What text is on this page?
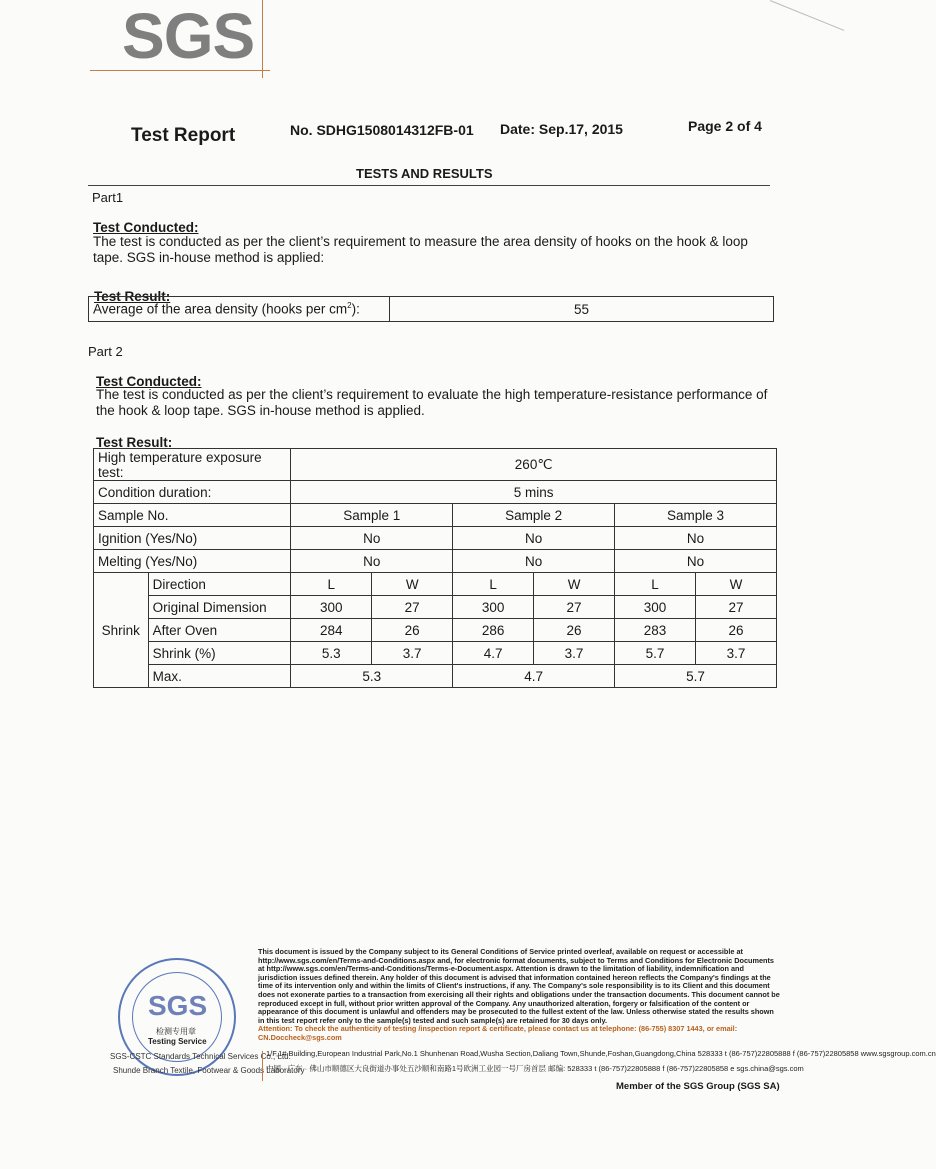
SGS
Test Report	No. SDHG1508014312FB-01 Date: Sep.17, 2015	Page 2 of 4
TESTS AND RESULTS
Part1
Test Conducted:
The test is conducted as per the client’s requirement to measure the area density of hooks on the hook & loop
tape. SGS in-house method is applied:
Test Result:
Average of the area density (hooks per $cm^2$):	55
Part 2
Test Conducted:
The test is conducted as per the client’s requirement to evaluate the high temperature-resistance performance of
the hook & loop tape. SGS in-house method is applied.
Test Result:
High temperature exposure
test:		260℃					
Condition duration:		5 mins					
Sample No.		Sample 1		Sample 2		Sample 3	
Ignition (Yes/No)		No		No		No	
Melting (Yes/No)		No		No		No	
Shrink	Direction	L	W	L	W	L	W
	Original Dimension	300	27	300	27	300	27
	After Oven	284	26	286	26	283	26
	Shrink (%)	5.3	3.7	4.7	3.7	5.7	3.7
	Max.	5.3		4.7		5.7	
This document is issued by the Company subject to its General Conditions of Service printed overleaf, available on request or accessible at http://www.sgs.com/en/Terms-and-Conditions.aspx and, for electronic format documents, subject to Terms and Conditions for Electronic Documents at http://www.sgs.com/en/Terms-and-Conditions/Terms-e-Document.aspx. Attention is drawn to the limitation of liability, indemnification and jurisdiction issues defined therein. Any holder of this document is advised that information contained hereon reflects the Company's findings at the time of its intervention only and within the limits of Client's instructions, if any. The Company's sole responsibility is to its Client and this document does not exonerate parties to a transaction from exercising all their rights and obligations under the transaction documents. This document cannot be reproduced except in full, without prior written approval of the Company. Any unauthorized alteration, forgery or falsification of the content or appearance of this document is unlawful and offenders may be prosecuted to the fullest extent of the law. Unless otherwise stated the results shown in this test report refer only to the sample(s) tested and such sample(s) are retained for 30 days only.
Attention: To check the authenticity of testing /inspection report & certificate, please contact us at telephone: (86-755) 8307 1443, or email: CN.Doccheck@sgs.com
SGS
检测专用章
Testing Service
SGS-CSTC Standards Technical Services Co., Ltd.
Shunde Branch Textile, Footwear & Goods Laboratory
1/F,1# Building,European Industrial Park,No.1 Shunhenan Road,Wusha Section,Daliang Town,Shunde,Foshan,Guangdong,China 528333 t (86-757)22805888 f (86-757)22805858 www.sgsgroup.com.cn
中国 · 广东 · 佛山市顺德区大良街道办事处五沙顺和南路1号欧洲工业园一号厂房首层 邮编: 528333 t (86-757)22805888 f (86-757)22805858 e sgs.china@sgs.com
Member of the SGS Group (SGS SA)
